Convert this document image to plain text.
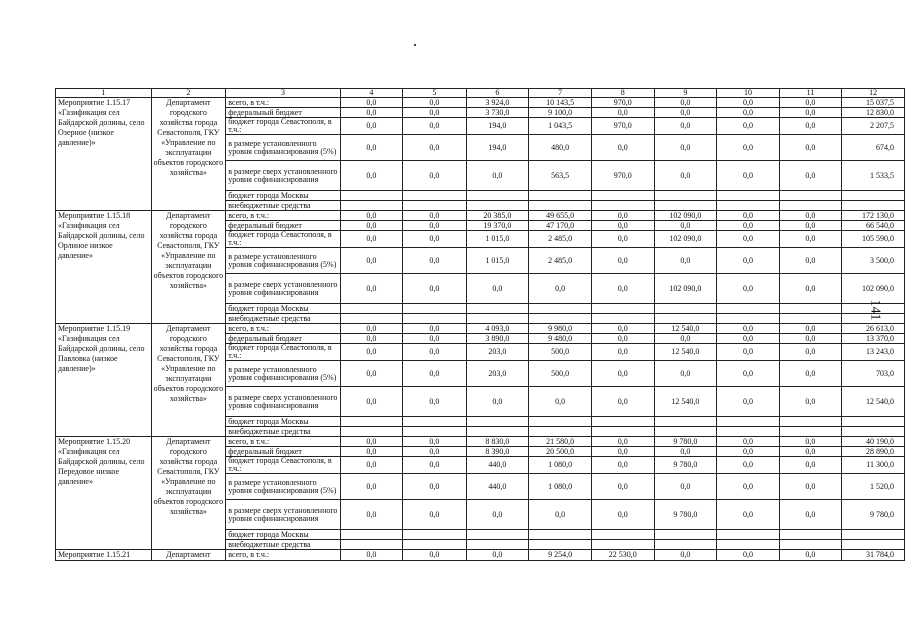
1	2	3	4	5	6	7	8	9	10	11	12
Мероприятие 1.15.17 «Газификация сел Байдарской долины, село Озерное (низкое давление)»	Департамент городского хозяйства города Севастополя, ГКУ «Управление по эксплуатации объектов городского хозяйства»	всего, в т.ч.:	0,0	0,0	3 924,0	10 143,5	970,0	0,0	0,0	0,0	15 037,5
		федеральный бюджет	0,0	0,0	3 730,0	9 100,0	0,0	0,0	0,0	0,0	12 830,0
		бюджет города Севастополя, в т.ч.:	0,0	0,0	194,0	1 043,5	970,0	0,0	0,0	0,0	2 207,5
		в размере установленного уровня софинансирования (5%)	0,0	0,0	194,0	480,0	0,0	0,0	0,0	0,0	674,0
		в размере сверх установленного уровня софинансирования	0,0	0,0	0,0	563,5	970,0	0,0	0,0	0,0	1 533,5
		бюджет города Москвы									
		внебюджетные средства									
Мероприятие 1.15.18 «Газификация сел Байдарской долины, село Орлиное низкое давление»	Департамент городского хозяйства города Севастополя, ГКУ «Управление по эксплуатации объектов городского хозяйства»	всего, в т.ч.:	0,0	0,0	20 385,0	49 655,0	0,0	102 090,0	0,0	0,0	172 130,0
		федеральный бюджет	0,0	0,0	19 370,0	47 170,0	0,0	0,0	0,0	0,0	66 540,0
		бюджет города Севастополя, в т.ч.:	0,0	0,0	1 015,0	2 485,0	0,0	102 090,0	0,0	0,0	105 590,0
		в размере установленного уровня софинансирования (5%)	0,0	0,0	1 015,0	2 485,0	0,0	0,0	0,0	0,0	3 500,0
		в размере сверх установленного уровня софинансирования	0,0	0,0	0,0	0,0	0,0	102 090,0	0,0	0,0	102 090,0
		бюджет города Москвы									
		внебюджетные средства									
Мероприятие 1.15.19 «Газификация сел Байдарской долины, село Павловка (низкое давление)»	Департамент городского хозяйства города Севастополя, ГКУ «Управление по эксплуатации объектов городского хозяйства»	всего, в т.ч.:	0,0	0,0	4 093,0	9 980,0	0,0	12 540,0	0,0	0,0	26 613,0
		федеральный бюджет	0,0	0,0	3 890,0	9 480,0	0,0	0,0	0,0	0,0	13 370,0
		бюджет города Севастополя, в т.ч.:	0,0	0,0	203,0	500,0	0,0	12 540,0	0,0	0,0	13 243,0
		в размере установленного уровня софинансирования (5%)	0,0	0,0	203,0	500,0	0,0	0,0	0,0	0,0	703,0
		в размере сверх установленного уровня софинансирования	0,0	0,0	0,0	0,0	0,0	12 540,0	0,0	0,0	12 540,0
		бюджет города Москвы									
		внебюджетные средства									
Мероприятие 1.15.20 «Газификация сел Байдарской долины, село Передовое низкое давление»	Департамент городского хозяйства города Севастополя, ГКУ «Управление по эксплуатации объектов городского хозяйства»	всего, в т.ч.:	0,0	0,0	8 830,0	21 580,0	0,0	9 780,0	0,0	0,0	40 190,0
		федеральный бюджет	0,0	0,0	8 390,0	20 500,0	0,0	0,0	0,0	0,0	28 890,0
		бюджет города Севастополя, в т.ч.:	0,0	0,0	440,0	1 080,0	0,0	9 780,0	0,0	0,0	11 300,0
		в размере установленного уровня софинансирования (5%)	0,0	0,0	440,0	1 080,0	0,0	0,0	0,0	0,0	1 520,0
		в размере сверх установленного уровня софинансирования	0,0	0,0	0,0	0,0	0,0	9 780,0	0,0	0,0	9 780,0
		бюджет города Москвы									
		внебюджетные средства									
Мероприятие 1.15.21	Департамент	всего, в т.ч.:	0,0	0,0	0,0	9 254,0	22 530,0	0,0	0,0	0,0	31 784,0
141
